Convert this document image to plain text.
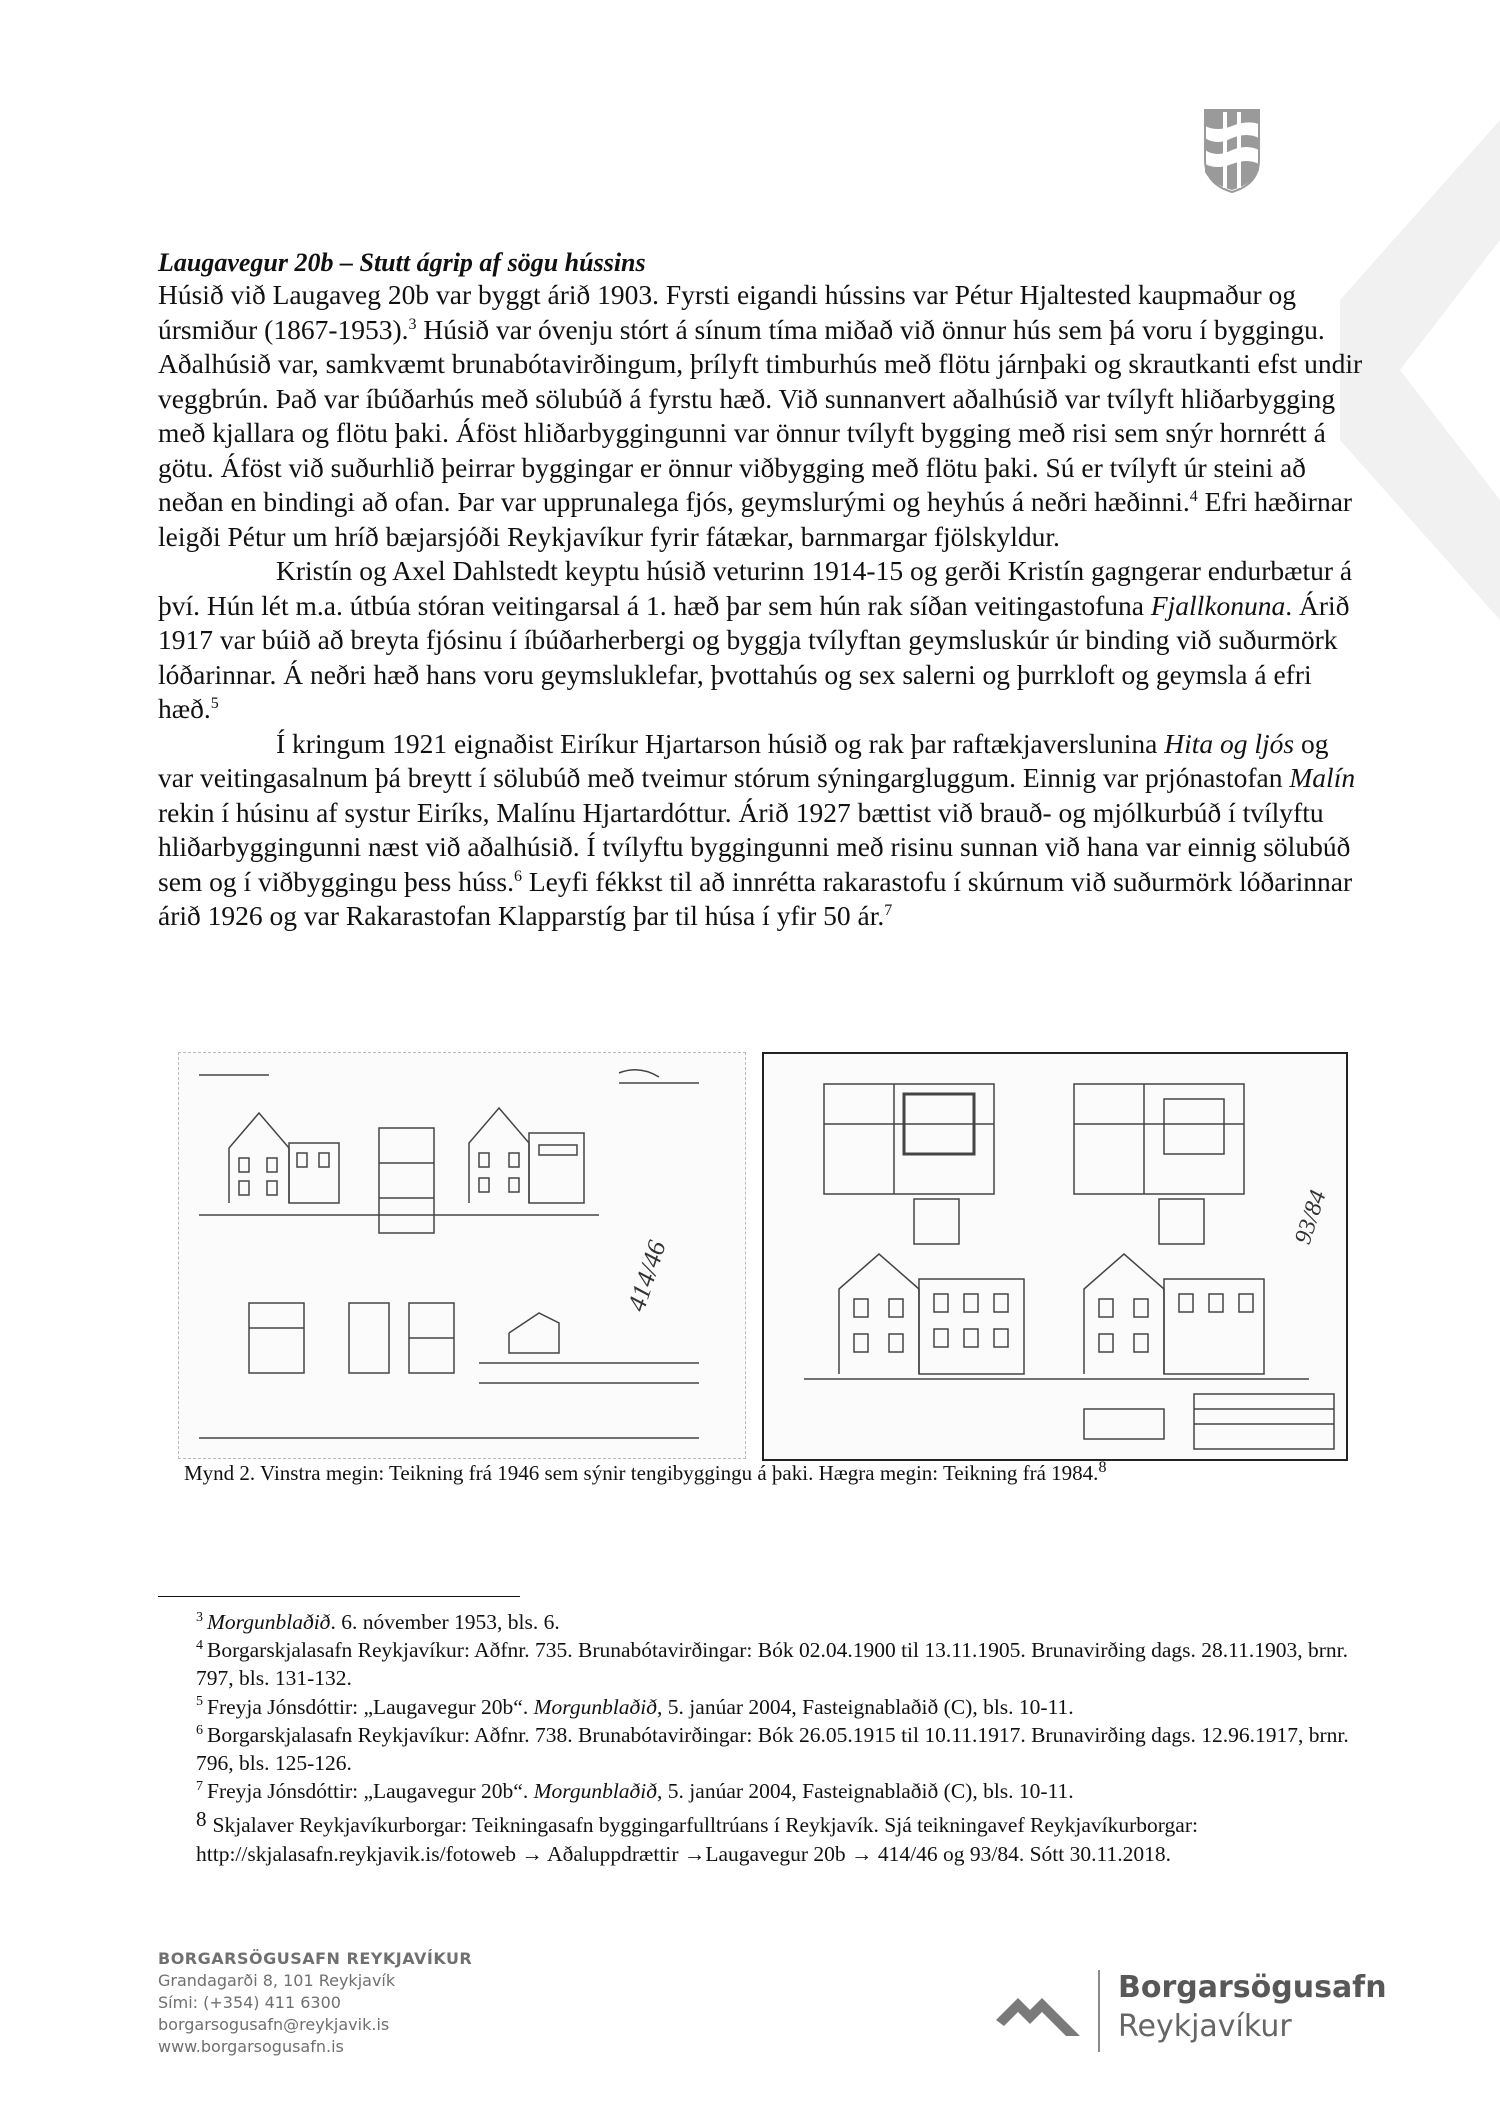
Laugavegur 20b – Stutt ágrip af sögu hússins

Húsið við Laugaveg 20b var byggt árið 1903. Fyrsti eigandi hússins var Pétur Hjaltested kaupmaður og úrsmiður (1867-1953).$^3$ Húsið var óvenju stórt á sínum tíma miðað við önnur hús sem þá voru í byggingu. Aðalhúsið var, samkvæmt brunabótavirðingum, þrílyft timburhús með flötu járnþaki og skrautkanti efst undir veggbrún. Það var íbúðarhús með sölubúð á fyrstu hæð. Við sunnanvert aðalhúsið var tvílyft hliðarbygging með kjallara og flötu þaki. Áföst hliðarbyggingunni var önnur tvílyft bygging með risi sem snýr hornrétt á götu. Áföst við suðurhlið þeirrar byggingar er önnur viðbygging með flötu þaki. Sú er tvílyft úr steini að neðan en bindingi að ofan. Þar var upprunalega fjós, geymslurými og heyhús á neðri hæðinni.$^4$ Efri hæðirnar leigði Pétur um hríð bæjarsjóði Reykjavíkur fyrir fátækar, barnmargar fjölskyldur.

Kristín og Axel Dahlstedt keyptu húsið veturinn 1914-15 og gerði Kristín gagngerar endurbætur á því. Hún lét m.a. útbúa stóran veitingarsal á 1. hæð þar sem hún rak síðan veitingastofuna Fjallkonuna. Árið 1917 var búið að breyta fjósinu í íbúðarherbergi og byggja tvílyftan geymsluskúr úr binding við suðurmörk lóðarinnar. Á neðri hæð hans voru geymsluklefar, þvottahús og sex salerni og þurrkloft og geymsla á efri hæð.$^5$

Í kringum 1921 eignaðist Eiríkur Hjartarson húsið og rak þar raftækjaverslunina Hita og ljós og var veitingasalnum þá breytt í sölubúð með tveimur stórum sýningargluggum. Einnig var prjónastofan Malín rekin í húsinu af systur Eiríks, Malínu Hjartardóttur. Árið 1927 bættist við brauð- og mjólkurbúð í tvílyftu hliðarbyggingunni næst við aðalhúsið. Í tvílyftu byggingunni með risinu sunnan við hana var einnig sölubúð sem og í viðbyggingu þess húss.$^6$ Leyfi fékkst til að innrétta rakarastofu í skúrnum við suðurmörk lóðarinnar árið 1926 og var Rakarastofan Klapparstíg þar til húsa í yfir 50 ár.$^7$

414/46
93/84

Mynd 2. Vinstra megin: Teikning frá 1946 sem sýnir tengibyggingu á þaki. Hægra megin: Teikning frá 1984.$^8$

$^3$ Morgunblaðið. 6. nóvember 1953, bls. 6.

$^4$ Borgarskjalasafn Reykjavíkur: Aðfnr. 735. Brunabótavirðingar: Bók 02.04.1900 til 13.11.1905. Brunavirðing dags. 28.11.1903, brnr. 797, bls. 131-132.

$^5$ Freyja Jónsdóttir: „Laugavegur 20b“. Morgunblaðið, 5. janúar 2004, Fasteignablaðið (C), bls. 10-11.

$^6$ Borgarskjalasafn Reykjavíkur: Aðfnr. 738. Brunabótavirðingar: Bók 26.05.1915 til 10.11.1917. Brunavirðing dags. 12.96.1917, brnr. 796, bls. 125-126.

$^7$ Freyja Jónsdóttir: „Laugavegur 20b“. Morgunblaðið, 5. janúar 2004, Fasteignablaðið (C), bls. 10-11.

8 Skjalaver Reykjavíkurborgar: Teikningasafn byggingarfulltrúans í Reykjavík. Sjá teikningavef Reykjavíkurborgar: http://skjalasafn.reykjavik.is/fotoweb → Aðaluppdrættir →Laugavegur 20b → 414/46 og 93/84. Sótt 30.11.2018.

BORGARSÖGUSAFN REYKJAVÍKUR

Grandagarði 8, 101 Reykjavík

Sími: (+354) 411 6300

borgarsogusafn@reykjavik.is

www.borgarsogusafn.is

Borgarsögusafn
Reykjavíkur
